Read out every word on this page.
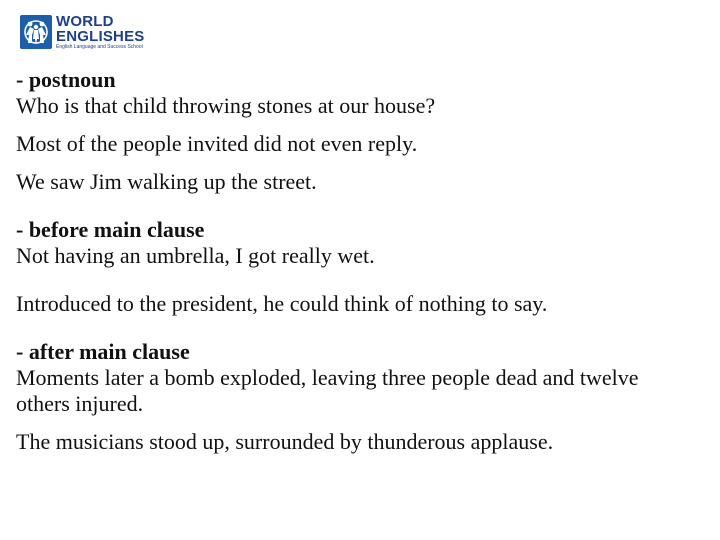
WORLD
ENGLISHES
English Language and Success School

- postnoun

Who is that child throwing stones at our house?

Most of the people invited did not even reply.

We saw Jim walking up the street.

- before main clause

Not having an umbrella, I got really wet.

Introduced to the president, he could think of nothing to say.

- after main clause

Moments later a bomb exploded, leaving three people dead and twelve

others injured.

The musicians stood up, surrounded by thunderous applause.
